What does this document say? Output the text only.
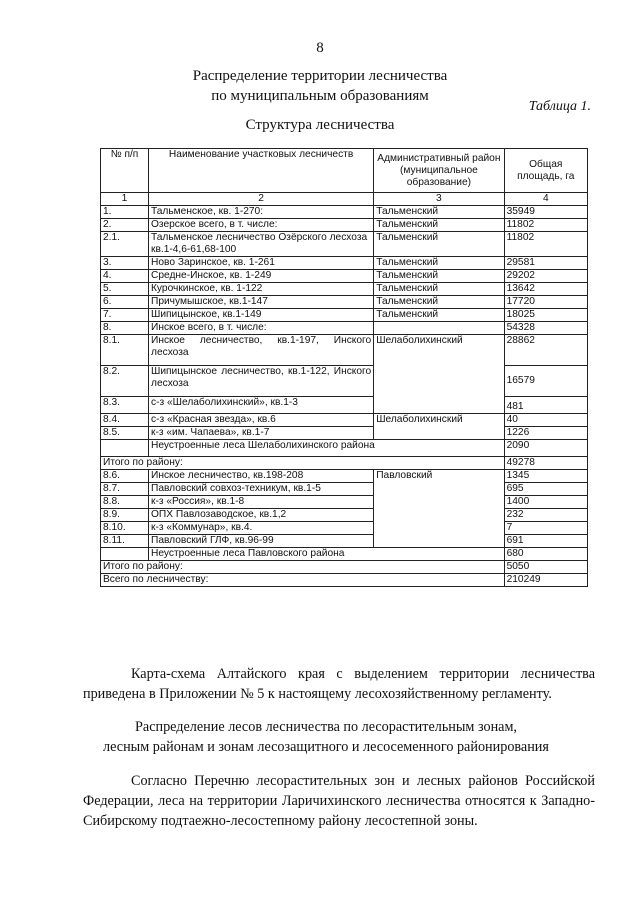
8
Распределение территории лесничества
по муниципальным образованиям
Таблица 1.
Структура лесничества
№ п/п	Наименование участковых лесничеств	Административный район (муниципальное образование)	Общая площадь, га
1	2	3	4
1.	Тальменское, кв. 1-270:	Тальменский	35949
2.	Озерское всего, в т. числе:	Тальменский	11802
2.1.	Тальменское лесничество Озёрского лесхоза кв.1-4,6-61,68-100	Тальменский	11802
3.	Ново Заринское, кв. 1-261	Тальменский	29581
4.	Средне-Инское, кв. 1-249	Тальменский	29202
5.	Курочкинское, кв. 1-122	Тальменский	13642
6.	Причумышское, кв.1-147	Тальменский	17720
7.	Шипицынское, кв.1-149	Тальменский	18025
8.	Инское всего, в т. числе:		54328
8.1.	Инское лесничество, кв.1-197, Инского лесхоза	Шелаболихинский	28862
8.2.	Шипицынское лесничество, кв.1-122, Инского лесхоза		16579
8.3.	с-з «Шелаболихинский», кв.1-3		481
8.4.	с-з «Красная звезда», кв.6	Шелаболихинский	40
8.5.	к-з «им. Чапаева», кв.1-7		1226
	Неустроенные леса Шелаболихинского района		2090
Итого по району:			49278
8.6.	Инское лесничество, кв.198-208	Павловский	1345
8.7.	Павловский совхоз-техникум, кв.1-5		695
8.8.	к-з «Россия», кв.1-8		1400
8.9.	ОПХ Павлозаводское, кв.1,2		232
8.10.	к-з «Коммунар», кв.4.		7
8.11.	Павловский ГЛФ, кв.96-99		691
	Неустроенные леса Павловского района		680
Итого по району:			5050
Всего по лесничеству:			210249
Карта-схема Алтайского края с выделением территории лесничества приведена в Приложении № 5 к настоящему лесохозяйственному регламенту.
Распределение лесов лесничества по лесорастительным зонам,
лесным районам и зонам лесозащитного и лесосеменного районирования
Согласно Перечню лесорастительных зон и лесных районов Российской Федерации, леса на территории Ларичихинского лесничества относятся к Западно-Сибирскому подтаежно-лесостепному району лесостепной зоны.
